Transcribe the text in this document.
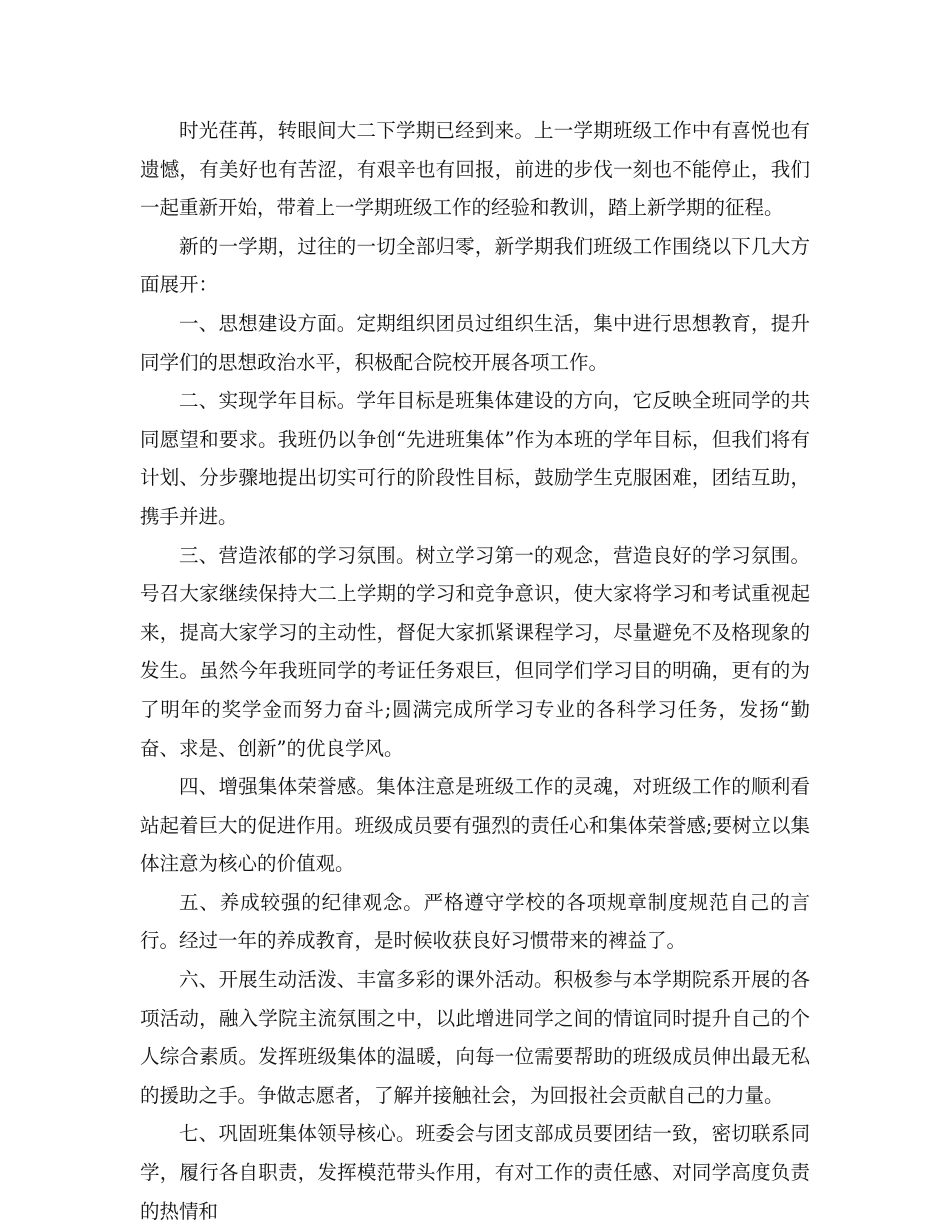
时光荏苒，转眼间大二下学期已经到来。上一学期班级工作中有喜悦也有遗憾，有美好也有苦涩，有艰辛也有回报，前进的步伐一刻也不能停止，我们一起重新开始，带着上一学期班级工作的经验和教训，踏上新学期的征程。

新的一学期，过往的一切全部归零，新学期我们班级工作围绕以下几大方面展开：

一、思想建设方面。定期组织团员过组织生活，集中进行思想教育，提升同学们的思想政治水平，积极配合院校开展各项工作。

二、实现学年目标。学年目标是班集体建设的方向，它反映全班同学的共同愿望和要求。我班仍以争创“先进班集体”作为本班的学年目标，但我们将有计划、分步骤地提出切实可行的阶段性目标，鼓励学生克服困难，团结互助，携手并进。

三、营造浓郁的学习氛围。树立学习第一的观念，营造良好的学习氛围。号召大家继续保持大二上学期的学习和竞争意识，使大家将学习和考试重视起来，提高大家学习的主动性，督促大家抓紧课程学习，尽量避免不及格现象的发生。虽然今年我班同学的考证任务艰巨，但同学们学习目的明确，更有的为了明年的奖学金而努力奋斗;圆满完成所学习专业的各科学习任务，发扬“勤奋、求是、创新”的优良学风。

四、增强集体荣誉感。集体注意是班级工作的灵魂，对班级工作的顺利看站起着巨大的促进作用。班级成员要有强烈的责任心和集体荣誉感;要树立以集体注意为核心的价值观。

五、养成较强的纪律观念。严格遵守学校的各项规章制度规范自己的言行。经过一年的养成教育，是时候收获良好习惯带来的裨益了。

六、开展生动活泼、丰富多彩的课外活动。积极参与本学期院系开展的各项活动，融入学院主流氛围之中，以此增进同学之间的情谊同时提升自己的个人综合素质。发挥班级集体的温暖，向每一位需要帮助的班级成员伸出最无私的援助之手。争做志愿者，了解并接触社会，为回报社会贡献自己的力量。

七、巩固班集体领导核心。班委会与团支部成员要团结一致，密切联系同学，履行各自职责，发挥模范带头作用，有对工作的责任感、对同学高度负责的热情和
